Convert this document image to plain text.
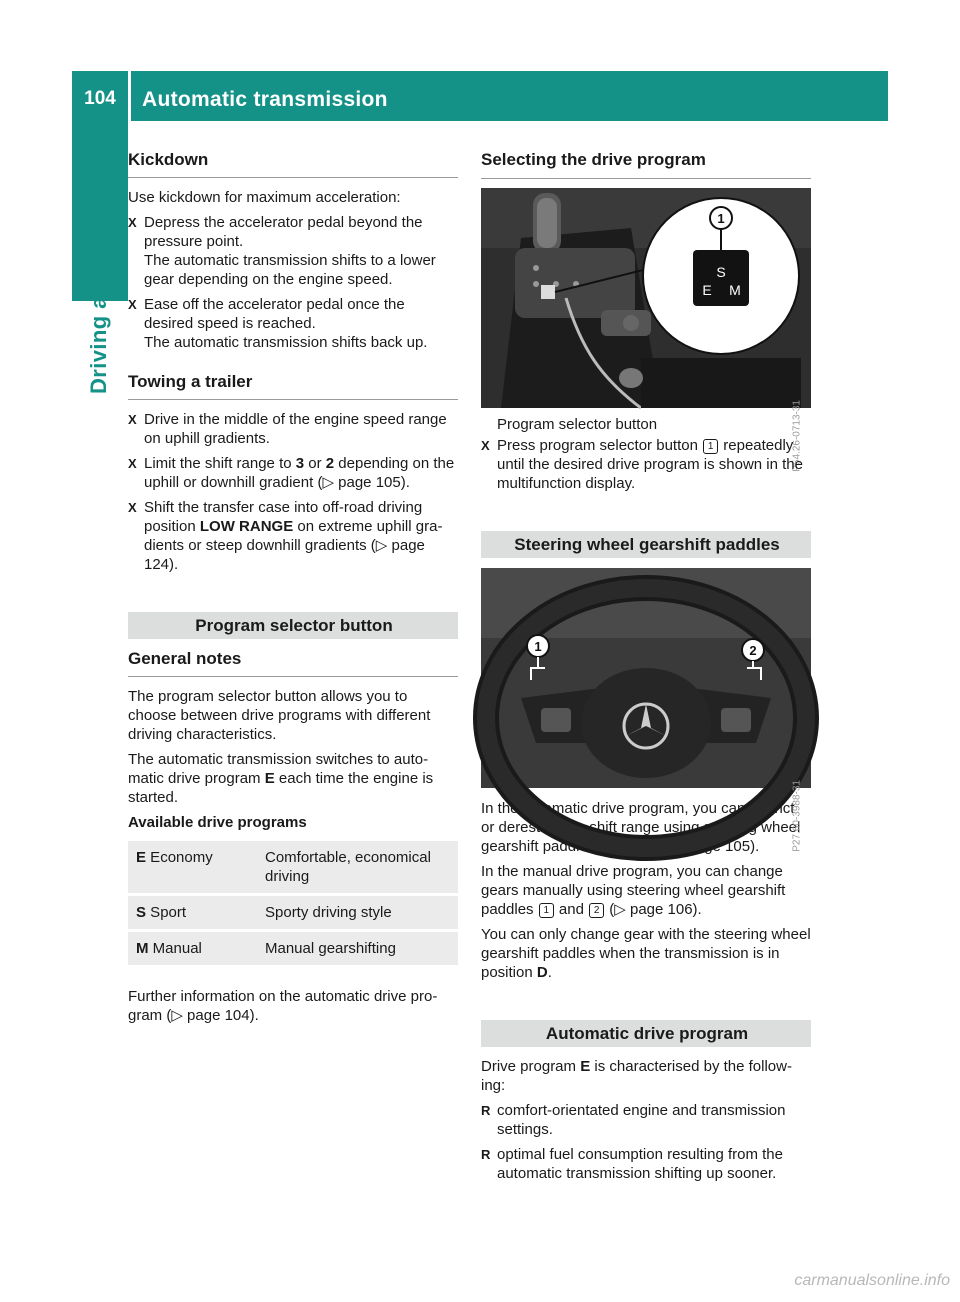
104	Automatic transmission
Driving and parking
Kickdown

Use kickdown for maximum acceleration:

X Depress the accelerator pedal beyond the pressure point.

The automatic transmission shifts to a lower gear depending on the engine speed.

X Ease off the accelerator pedal once the desired speed is reached.

The automatic transmission shifts back up.

Towing a trailer
X Drive in the middle of the engine speed range on uphill gradients.

X Limit the shift range to 3 or 2 depending on the uphill or downhill gradient (▷ page 105).

X Shift the transfer case into off-road driving position LOW RANGE on extreme uphill gra-dients or steep downhill gradients (▷ page 124).

Program selector button
General notes

The program selector button allows you to choose between drive programs with different driving characteristics.

The automatic transmission switches to auto-matic drive program E each time the engine is started.

Available drive programs

E Economy	Comfortable, economical driving

S Sport	Sporty driving style

M Manual	Manual gearshifting

Further information on the automatic drive pro-gram (▷ page 104).

Selecting the drive program
S
E M
1
P54.26-0713-31

Program selector button

X Press program selector button 1 repeatedly until the desired drive program is shown in the multifunction display.

Steering wheel gearshift paddles
1	2
P27.60-3988-31

In the automatic drive program, you can restrict or derestrict the shift range using steering wheel gearshift paddles 1 and 2 (▷ page 105).

In the manual drive program, you can change gears manually using steering wheel gearshift paddles 1 and 2 (▷ page 106).

You can only change gear with the steering wheel gearshift paddles when the transmission is in position D.

Automatic drive program

Drive program E is characterised by the follow-ing:

R comfort-orientated engine and transmission settings.

R optimal fuel consumption resulting from the automatic transmission shifting up sooner.

carmanualsonline.info
